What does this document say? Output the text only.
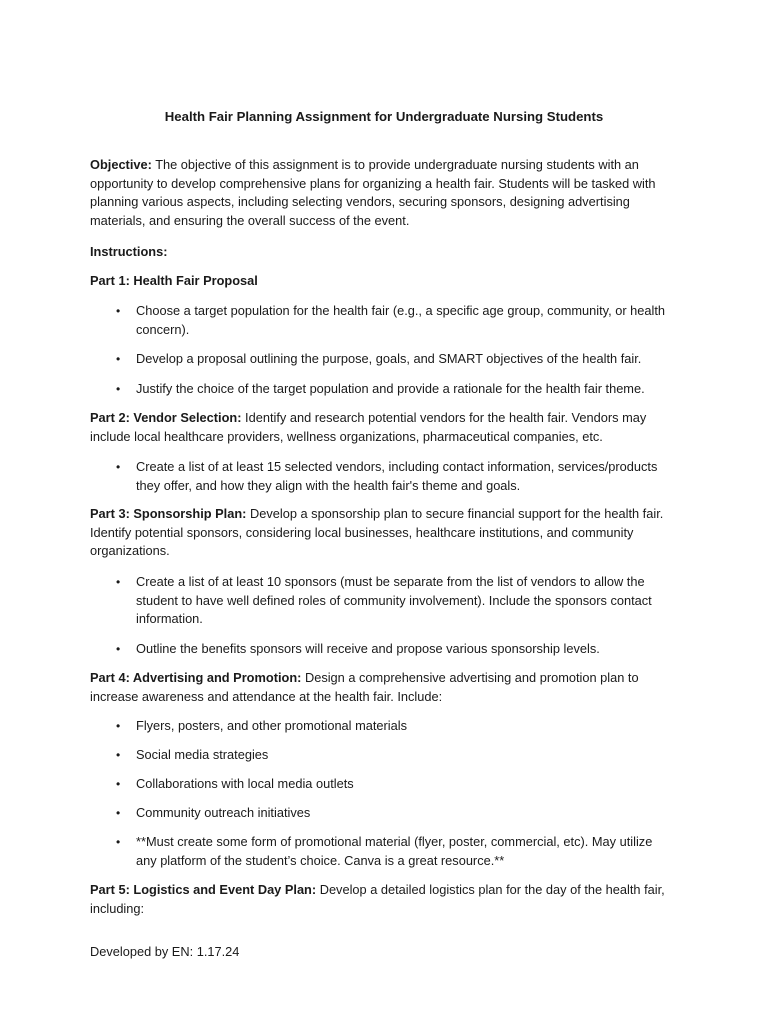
Health Fair Planning Assignment for Undergraduate Nursing Students

Objective: The objective of this assignment is to provide undergraduate nursing students with an opportunity to develop comprehensive plans for organizing a health fair. Students will be tasked with planning various aspects, including selecting vendors, securing sponsors, designing advertising materials, and ensuring the overall success of the event.

Instructions:

Part 1: Health Fair Proposal

• Choose a target population for the health fair (e.g., a specific age group, community, or health concern).
• Develop a proposal outlining the purpose, goals, and SMART objectives of the health fair.
• Justify the choice of the target population and provide a rationale for the health fair theme.

Part 2: Vendor Selection: Identify and research potential vendors for the health fair. Vendors may include local healthcare providers, wellness organizations, pharmaceutical companies, etc.

• Create a list of at least 15 selected vendors, including contact information, services/products they offer, and how they align with the health fair's theme and goals.

Part 3: Sponsorship Plan: Develop a sponsorship plan to secure financial support for the health fair. Identify potential sponsors, considering local businesses, healthcare institutions, and community organizations.

• Create a list of at least 10 sponsors (must be separate from the list of vendors to allow the student to have well defined roles of community involvement). Include the sponsors contact information.
• Outline the benefits sponsors will receive and propose various sponsorship levels.

Part 4: Advertising and Promotion: Design a comprehensive advertising and promotion plan to increase awareness and attendance at the health fair. Include:

• Flyers, posters, and other promotional materials
• Social media strategies
• Collaborations with local media outlets
• Community outreach initiatives
• **Must create some form of promotional material (flyer, poster, commercial, etc). May utilize any platform of the student’s choice. Canva is a great resource.**

Part 5: Logistics and Event Day Plan: Develop a detailed logistics plan for the day of the health fair, including:

Developed by EN: 1.17.24
